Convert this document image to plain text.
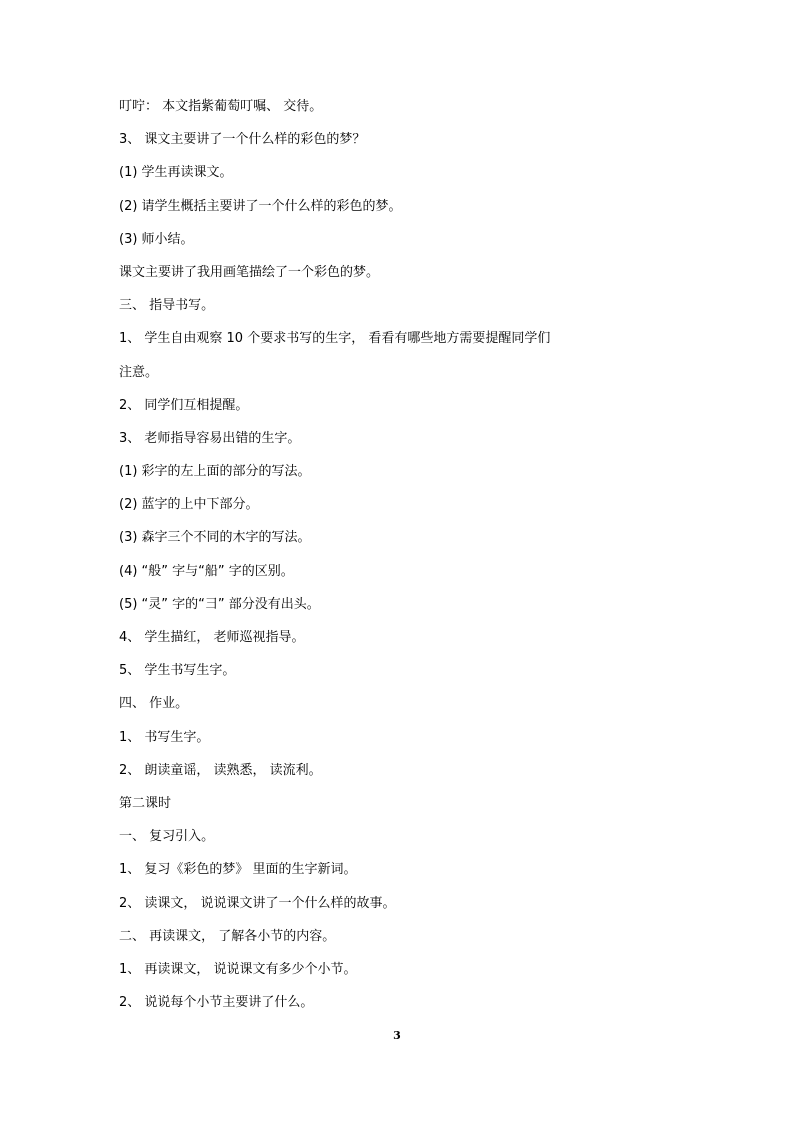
叮咛： 本文指紫葡萄叮嘱、 交待。
3、 课文主要讲了一个什么样的彩色的梦？
(1) 学生再读课文。
(2) 请学生概括主要讲了一个什么样的彩色的梦。
(3) 师小结。
课文主要讲了我用画笔描绘了一个彩色的梦。
三、 指导书写。
1、 学生自由观察 10 个要求书写的生字， 看看有哪些地方需要提醒同学们
注意。
2、 同学们互相提醒。
3、 老师指导容易出错的生字。
(1) 彩字的左上面的部分的写法。
(2) 蓝字的上中下部分。
(3) 森字三个不同的木字的写法。
(4) “般” 字与“船” 字的区别。
(5) “灵” 字的“彐” 部分没有出头。
4、 学生描红， 老师巡视指导。
5、 学生书写生字。
四、 作业。
1、 书写生字。
2、 朗读童谣， 读熟悉， 读流利。
第二课时
一、 复习引入。
1、 复习《彩色的梦》 里面的生字新词。
2、 读课文， 说说课文讲了一个什么样的故事。
二、 再读课文， 了解各小节的内容。
1、 再读课文， 说说课文有多少个小节。
2、 说说每个小节主要讲了什么。
3
